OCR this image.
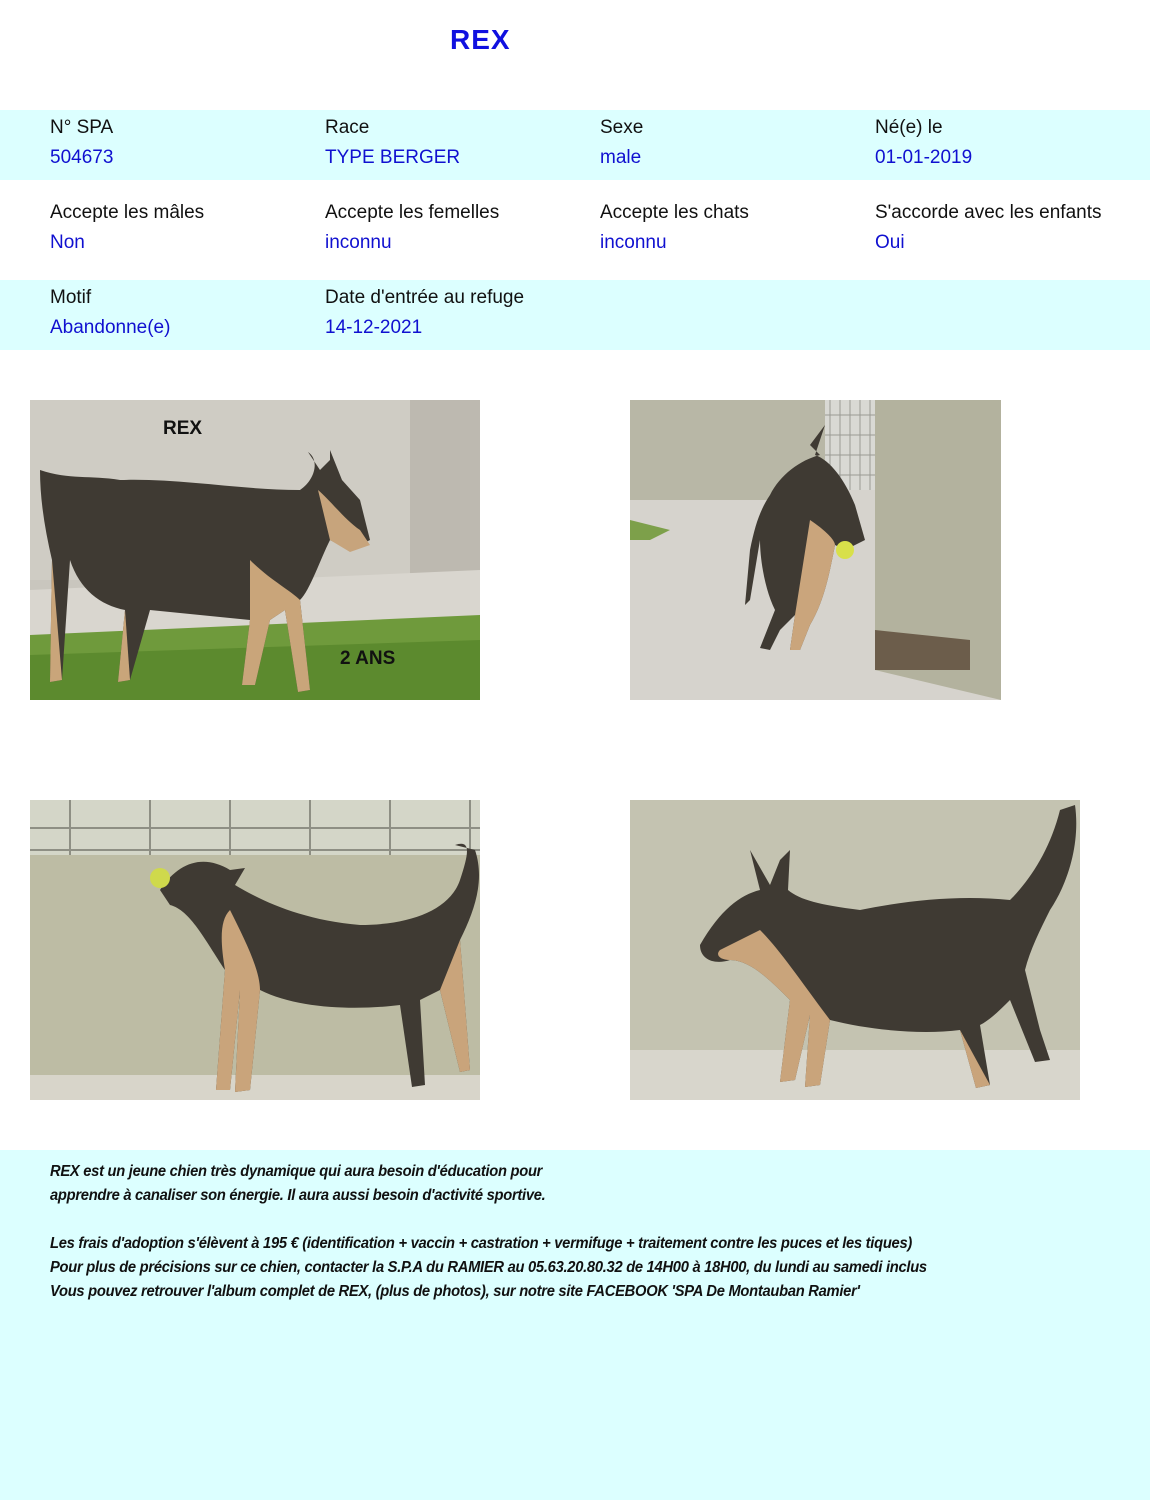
REX
N° SPA
504673
Race
TYPE BERGER
Sexe
male
Né(e) le
01-01-2019
Accepte les mâles
Non
Accepte les femelles
inconnu
Accepte les chats
inconnu
S'accorde avec les enfants
Oui
Motif
Abandonne(e)
Date d'entrée au refuge
14-12-2021
REX
2 ANS
REX est un jeune chien très dynamique qui aura besoin d'éducation pour
apprendre à canaliser son énergie. Il aura aussi besoin d'activité sportive.
Les frais d'adoption s'élèvent à 195 € (identification + vaccin + castration + vermifuge + traitement contre les puces et les tiques)
Pour plus de précisions sur ce chien, contacter la S.P.A du RAMIER au 05.63.20.80.32 de 14H00 à 18H00, du lundi au samedi inclus
Vous pouvez retrouver l'album complet de REX, (plus de photos), sur notre site FACEBOOK 'SPA De Montauban Ramier'
